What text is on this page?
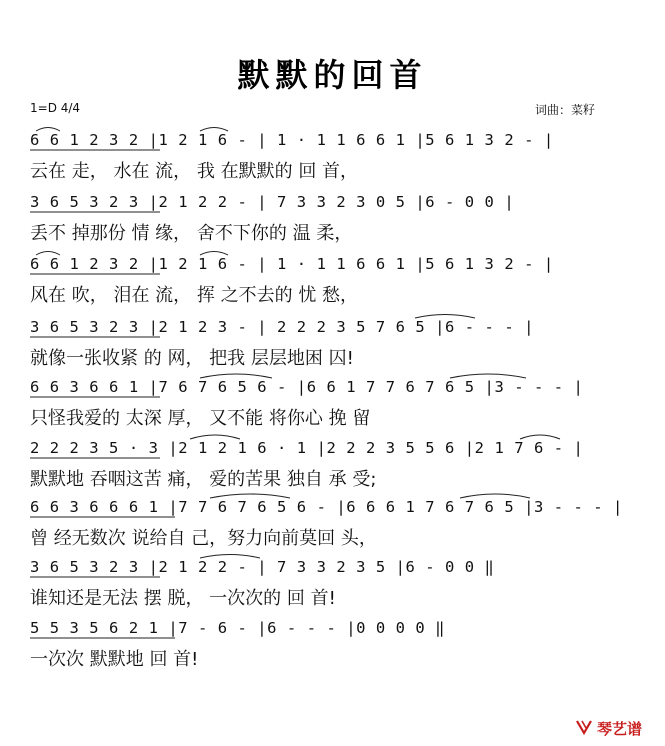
默默的回首
1=D 4/4	词曲：菜籽
6 6 1 2 3 2 |1 2 1 6 - | 1 · 1 1 6 6 1 |5 6 1 3 2 - |
云在 走， 水在 流， 我 在默默的 回 首，
3 6 5 3 2 3 |2 1 2 2 - | 7 3 3 2 3 0 5 |6 - 0 0 |
丢不 掉那份 情 缘， 舍不下你的 温 柔，
6 6 1 2 3 2 |1 2 1 6 - | 1 · 1 1 6 6 1 |5 6 1 3 2 - |
风在 吹， 泪在 流， 挥 之不去的 忧 愁，
3 6 5 3 2 3 |2 1 2 3 - | 2 2 2 3 5 7 6 5 |6 - - - |
就像一张收紧 的 网， 把我 层层地困 囚!
6 6 3 6 6 1 |7 6 7 6 5 6 - |6 6 1 7 7 6 7 6 5 |3 - - - |
只怪我爱的 太深 厚， 又不能 将你心 挽 留
2 2 2 3 5 · 3 |2 1 2 1 6 · 1 |2 2 2 3 5 5 6 |2 1 7 6 - |
默默地 吞咽这苦 痛， 爱的苦果 独自 承 受;
6 6 3 6 6 6 1 |7 7 6 7 6 5 6 - |6 6 6 1 7 6 7 6 5 |3 - - - |
曾 经无数次 说给自 己，努力向前莫回 头，
3 6 5 3 2 3 |2 1 2 2 - | 7 3 3 2 3 5 |6 - 0 0 ‖
谁知还是无法 摆 脱， 一次次的 回 首!
5 5 3 5 6 2 1 |7 - 6 - |6 - - - |0 0 0 0 ‖
一次次 默默地 回 首!
琴艺谱
